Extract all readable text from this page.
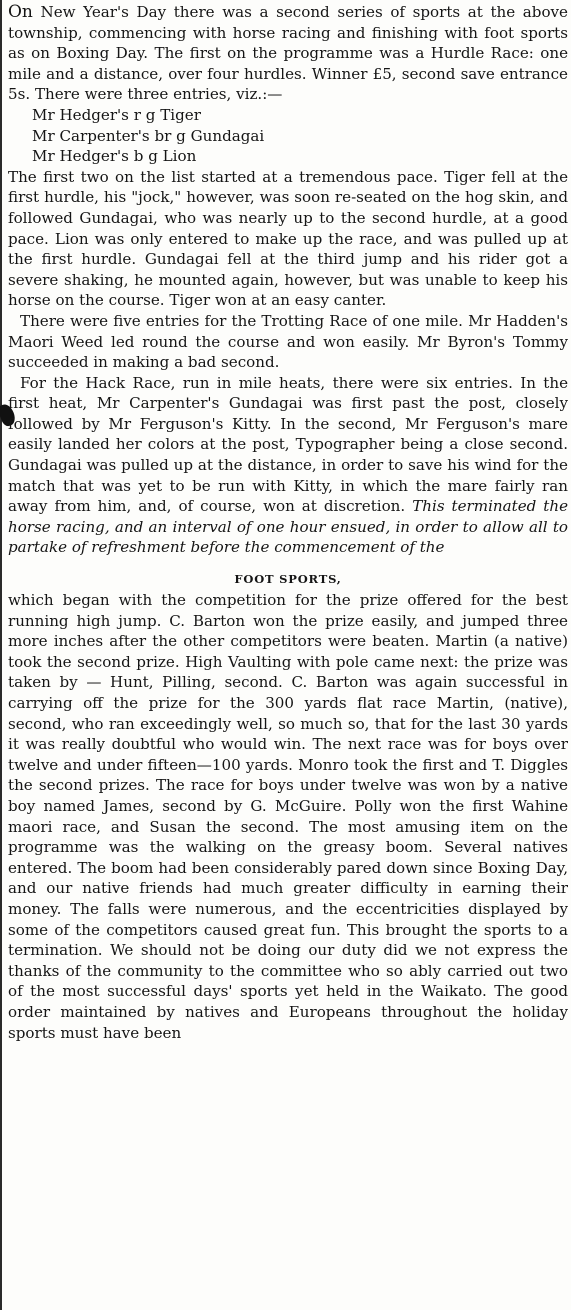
On New Year's Day there was a second series of sports at the above township, commencing with horse racing and finishing with foot sports as on Boxing Day. The first on the programme was a Hurdle Race: one mile and a distance, over four hurdles. Winner £5, second save entrance 5s. There were three entries, viz.:—

Mr Hedger's r g Tiger
Mr Carpenter's br g Gundagai
Mr Hedger's b g Lion

The first two on the list started at a tremendous pace. Tiger fell at the first hurdle, his "jock," however, was soon re-seated on the hog skin, and followed Gundagai, who was nearly up to the second hurdle, at a good pace. Lion was only entered to make up the race, and was pulled up at the first hurdle. Gundagai fell at the third jump and his rider got a severe shaking, he mounted again, however, but was unable to keep his horse on the course. Tiger won at an easy canter.

There were five entries for the Trotting Race of one mile. Mr Hadden's Maori Weed led round the course and won easily. Mr Byron's Tommy succeeded in making a bad second.

For the Hack Race, run in mile heats, there were six entries. In the first heat, Mr Carpenter's Gundagai was first past the post, closely followed by Mr Ferguson's Kitty. In the second, Mr Ferguson's mare easily landed her colors at the post, Typographer being a close second. Gundagai was pulled up at the distance, in order to save his wind for the match that was yet to be run with Kitty, in which the mare fairly ran away from him, and, of course, won at discretion. This terminated the horse racing, and an interval of one hour ensued, in order to allow all to partake of refreshment before the commencement of the

FOOT SPORTS,

which began with the competition for the prize offered for the best running high jump. C. Barton won the prize easily, and jumped three more inches after the other competitors were beaten. Martin (a native) took the second prize. High Vaulting with pole came next: the prize was taken by — Hunt, Pilling, second. C. Barton was again successful in carrying off the prize for the 300 yards flat race Martin, (native), second, who ran exceedingly well, so much so, that for the last 30 yards it was really doubtful who would win. The next race was for boys over twelve and under fifteen—100 yards. Monro took the first and T. Diggles the second prizes. The race for boys under twelve was won by a native boy named James, second by G. McGuire. Polly won the first Wahine maori race, and Susan the second. The most amusing item on the programme was the walking on the greasy boom. Several natives entered. The boom had been considerably pared down since Boxing Day, and our native friends had much greater difficulty in earning their money. The falls were numerous, and the eccentricities displayed by some of the competitors caused great fun. This brought the sports to a termination. We should not be doing our duty did we not express the thanks of the community to the committee who so ably carried out two of the most successful days' sports yet held in the Waikato. The good order maintained by natives and Europeans throughout the holiday sports must have been
